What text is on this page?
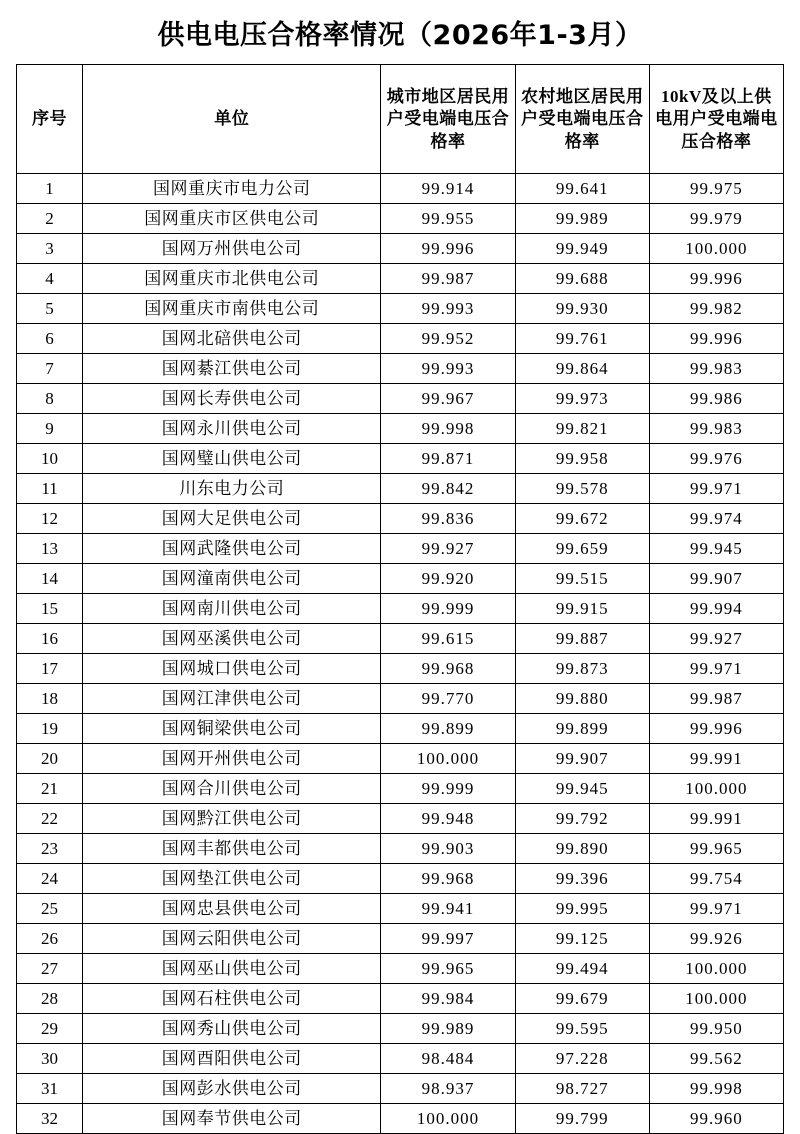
供电电压合格率情况（2026年1-3月）
序号	单位	城市地区居民用户受电端电压合格率	农村地区居民用户受电端电压合格率	10kV及以上供电用户受电端电压合格率

1	国网重庆市电力公司	99.914	99.641	99.975
2	国网重庆市区供电公司	99.955	99.989	99.979
3	国网万州供电公司	99.996	99.949	100.000
4	国网重庆市北供电公司	99.987	99.688	99.996
5	国网重庆市南供电公司	99.993	99.930	99.982
6	国网北碚供电公司	99.952	99.761	99.996
7	国网綦江供电公司	99.993	99.864	99.983
8	国网长寿供电公司	99.967	99.973	99.986
9	国网永川供电公司	99.998	99.821	99.983
10	国网璧山供电公司	99.871	99.958	99.976
11	川东电力公司	99.842	99.578	99.971
12	国网大足供电公司	99.836	99.672	99.974
13	国网武隆供电公司	99.927	99.659	99.945
14	国网潼南供电公司	99.920	99.515	99.907
15	国网南川供电公司	99.999	99.915	99.994
16	国网巫溪供电公司	99.615	99.887	99.927
17	国网城口供电公司	99.968	99.873	99.971
18	国网江津供电公司	99.770	99.880	99.987
19	国网铜梁供电公司	99.899	99.899	99.996
20	国网开州供电公司	100.000	99.907	99.991
21	国网合川供电公司	99.999	99.945	100.000
22	国网黔江供电公司	99.948	99.792	99.991
23	国网丰都供电公司	99.903	99.890	99.965
24	国网垫江供电公司	99.968	99.396	99.754
25	国网忠县供电公司	99.941	99.995	99.971
26	国网云阳供电公司	99.997	99.125	99.926
27	国网巫山供电公司	99.965	99.494	100.000
28	国网石柱供电公司	99.984	99.679	100.000
29	国网秀山供电公司	99.989	99.595	99.950
30	国网酉阳供电公司	98.484	97.228	99.562
31	国网彭水供电公司	98.937	98.727	99.998
32	国网奉节供电公司	100.000	99.799	99.960
